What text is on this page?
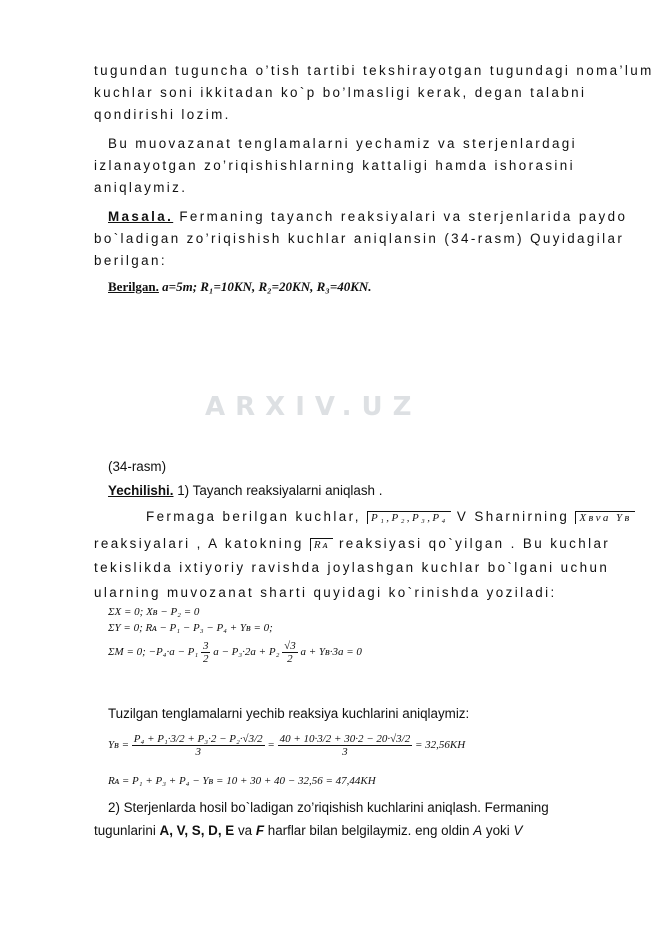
tugundan tugunchа o’tish tartibi tekshirayotgan tugundagi noma’lum
kuchlar soni ikkitadan ko`p bo’lmasligi kerak, degan talabni
qondirishi lozim.
Bu muovazanat tenglamalarni yechamiz va sterjenlardagi
izlanayotgan zo’riqishishlarning kattaligi hamda ishorasini
aniqlaymiz.
Masala. Fermaning tayanch reaksiyalari va sterjenlarida paydo
bo`ladigan zo’riqishish kuchlar aniqlansin (34-rasm) Quyidagilar
berilgan:
Berilgan. a=5m; R₁=10KN, R₂=20KN, R₃=40KN.
(34-rasm)
Yechilishi. 1) Tayanch reaksiyalarni aniqlash .
Fermaga berilgan kuchlar, P₁,P₂,P₃,P₄ V Sharnirning Xʙva Yʙ
reaksiyalari , A katokning $\overline{Rᴀ}$ reaksiyasi qo`yilgan . Bu kuchlar
tekislikda ixtiyoriy ravishda joylashgan kuchlar bo`lgani uchun
ularning muvozanat sharti quyidagi ko`rinishda yoziladi:
ΣX = 0; Xʙ − P₂ = 0
ΣY = 0; Rᴀ − P₁ − P₃ − P₄ + Yʙ = 0;
ΣM = 0; $-P_4\cdot a - P_1 \frac{3}{2}$ $a - P_3\cdot 2a + P_2 \frac{√3}{2}$ a + Yʙ·3a = 0
Tuzilgan tenglamalarni yechib reaksiya kuchlarini aniqlaymiz:
Yʙ = $\frac{\text{P₄ + P₁·3/2 + P₃·2 − P₂·√3/2}}{3} = \frac{40 + 10\cdot 3/2 + 30\cdot 2 - 20\cdot√3/2}{3} = 32,56KH$
Rᴀ = P₁ + P₃ + P₄ − Yʙ = 10 + 30 + 40 − 32,56 = 47,44KH
2) Sterjenlarda hosil bo`ladigan zo’riqishish kuchlarini aniqlash. Fermaning
tugunlarini A, V, S, D, E va F harflar bilan belgilaymiz. eng oldin A yoki V
ARXIV.UZ
